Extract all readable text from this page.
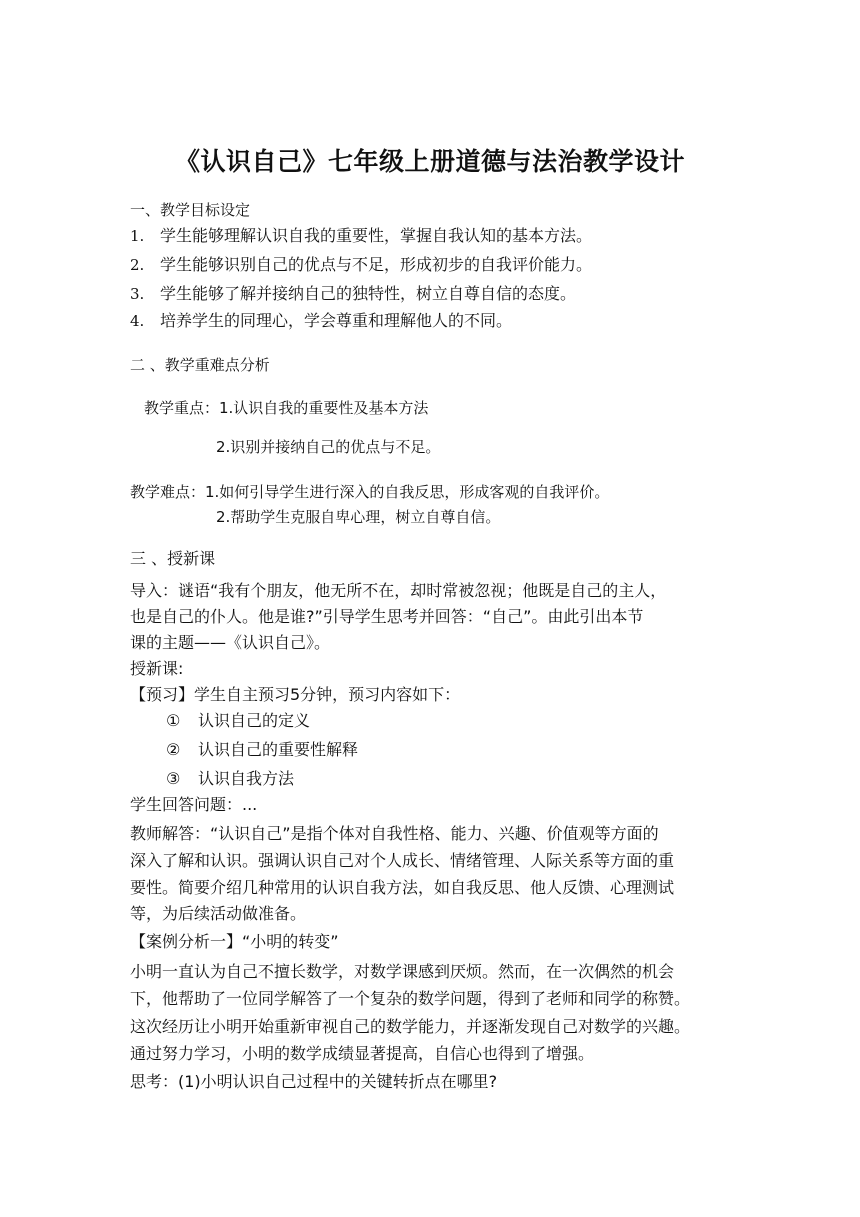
《认识自己》七年级上册道德与法治教学设计
一、教学目标设定
1. 学生能够理解认识自我的重要性，掌握自我认知的基本方法。
2. 学生能够识别自己的优点与不足，形成初步的自我评价能力。
3. 学生能够了解并接纳自己的独特性，树立自尊自信的态度。
4. 培养学生的同理心，学会尊重和理解他人的不同。
二 、教学重难点分析
教学重点：1.认识自我的重要性及基本方法
2.识别并接纳自己的优点与不足。
教学难点：1.如何引导学生进行深入的自我反思，形成客观的自我评价。
2.帮助学生克服自卑心理，树立自尊自信。
三 、授新课
导入：谜语“我有个朋友，他无所不在，却时常被忽视；他既是自己的主人，
也是自己的仆人。他是谁?”引导学生思考并回答：“自己”。由此引出本节
课的主题——《认识自己》。
授新课:
【预习】学生自主预习5分钟，预习内容如下：
① 认识自己的定义
② 认识自己的重要性解释
③ 认识自我方法
学生回答问题：...
教师解答：“认识自己”是指个体对自我性格、能力、兴趣、价值观等方面的
深入了解和认识。强调认识自己对个人成长、情绪管理、人际关系等方面的重
要性。简要介绍几种常用的认识自我方法，如自我反思、他人反馈、心理测试
等，为后续活动做准备。
【案例分析一】“小明的转变”
小明一直认为自己不擅长数学，对数学课感到厌烦。然而，在一次偶然的机会
下，他帮助了一位同学解答了一个复杂的数学问题，得到了老师和同学的称赞。
这次经历让小明开始重新审视自己的数学能力，并逐渐发现自己对数学的兴趣。
通过努力学习，小明的数学成绩显著提高，自信心也得到了增强。
思考：(1)小明认识自己过程中的关键转折点在哪里?
